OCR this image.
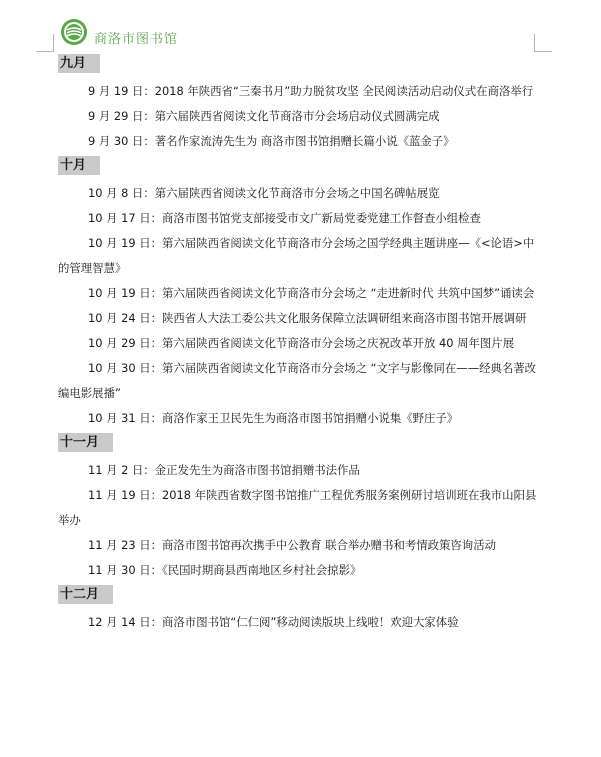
商洛市图书馆
九月

9 月 19 日：2018 年陕西省“三秦书月”助力脱贫攻坚 全民阅读活动启动仪式在商洛举行

9 月 29 日：第六届陕西省阅读文化节商洛市分会场启动仪式圆满完成

9 月 30 日：著名作家流涛先生为 商洛市图书馆捐赠长篇小说《蓝金子》

十月

10 月 8 日：第六届陕西省阅读文化节商洛市分会场之中国名碑帖展览

10 月 17 日：商洛市图书馆党支部接受市文广新局党委党建工作督查小组检查

10 月 19 日：第六届陕西省阅读文化节商洛市分会场之国学经典主题讲座—《<论语>中的管理智慧》

10 月 19 日：第六届陕西省阅读文化节商洛市分会场之 “走进新时代 共筑中国梦”诵读会

10 月 24 日：陕西省人大法工委公共文化服务保障立法调研组来商洛市图书馆开展调研

10 月 29 日：第六届陕西省阅读文化节商洛市分会场之庆祝改革开放 40 周年图片展

10 月 30 日：第六届陕西省阅读文化节商洛市分会场之 “文字与影像同在——经典名著改编电影展播”

10 月 31 日：商洛作家王卫民先生为商洛市图书馆捐赠小说集《野庄子》

十一月

11 月 2 日：金正发先生为商洛市图书馆捐赠书法作品

11 月 19 日：2018 年陕西省数字图书馆推广工程优秀服务案例研讨培训班在我市山阳县举办

11 月 23 日：商洛市图书馆再次携手中公教育 联合举办赠书和考情政策咨询活动

11 月 30 日：《民国时期商县西南地区乡村社会掠影》

十二月

12 月 14 日：商洛市图书馆“仁仁阅”移动阅读版块上线啦！欢迎大家体验
